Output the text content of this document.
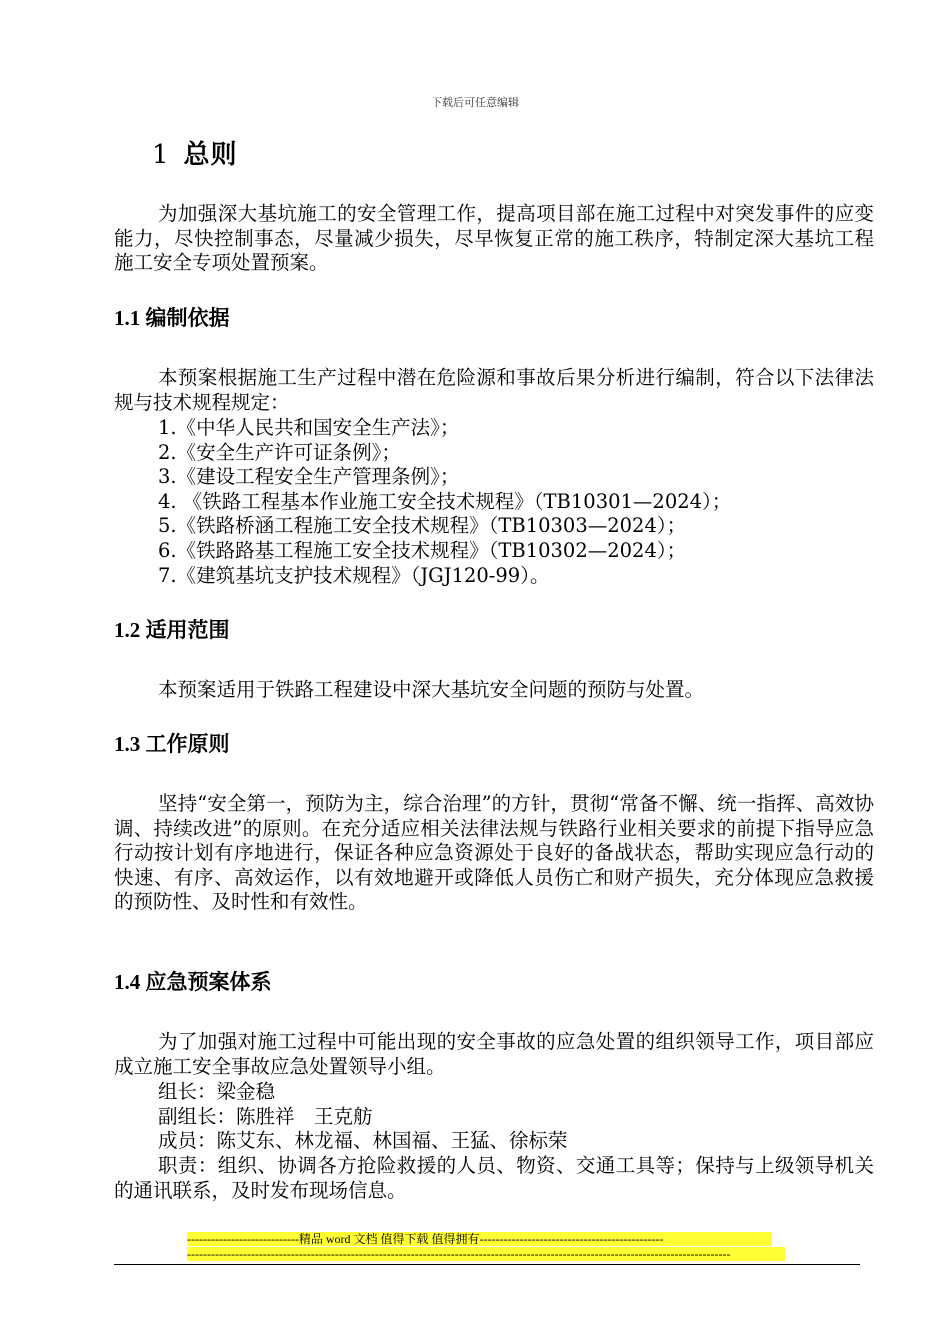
下载后可任意编辑
1 总则

为加强深大基坑施工的安全管理工作，提高项目部在施工过程中对突发事件的应变能力，尽快控制事态，尽量减少损失，尽早恢复正常的施工秩序，特制定深大基坑工程施工安全专项处置预案。

1.1 编制依据

本预案根据施工生产过程中潜在危险源和事故后果分析进行编制，符合以下法律法规与技术规程规定：

1.《中华人民共和国安全生产法》；
2.《安全生产许可证条例》；
3.《建设工程安全生产管理条例》；
4. 《铁路工程基本作业施工安全技术规程》（TB10301—2024）；
5.《铁路桥涵工程施工安全技术规程》（TB10303—2024）；
6.《铁路路基工程施工安全技术规程》（TB10302—2024）；
7.《建筑基坑支护技术规程》（JGJ120-99）。
1.2 适用范围

本预案适用于铁路工程建设中深大基坑安全问题的预防与处置。

1.3 工作原则

坚持“安全第一，预防为主，综合治理”的方针，贯彻“常备不懈、统一指挥、高效协调、持续改进”的原则。在充分适应相关法律法规与铁路行业相关要求的前提下指导应急行动按计划有序地进行，保证各种应急资源处于良好的备战状态，帮助实现应急行动的快速、有序、高效运作，以有效地避开或降低人员伤亡和财产损失，充分体现应急救援的预防性、及时性和有效性。

1.4 应急预案体系

为了加强对施工过程中可能出现的安全事故的应急处置的组织领导工作，项目部应成立施工安全事故应急处置领导小组。

组长：梁金稳
副组长：陈胜祥　王克舫
成员：陈艾东、林龙福、林国福、王猛、徐标荣

职责：组织、协调各方抢险救援的人员、物资、交通工具等；保持与上级领导机关的通讯联系，及时发布现场信息。

----------------------------精品 word 文档 值得下载 值得拥有----------------------------------------------
----------------------------------------------------------------------------------------------------------------------------------------
